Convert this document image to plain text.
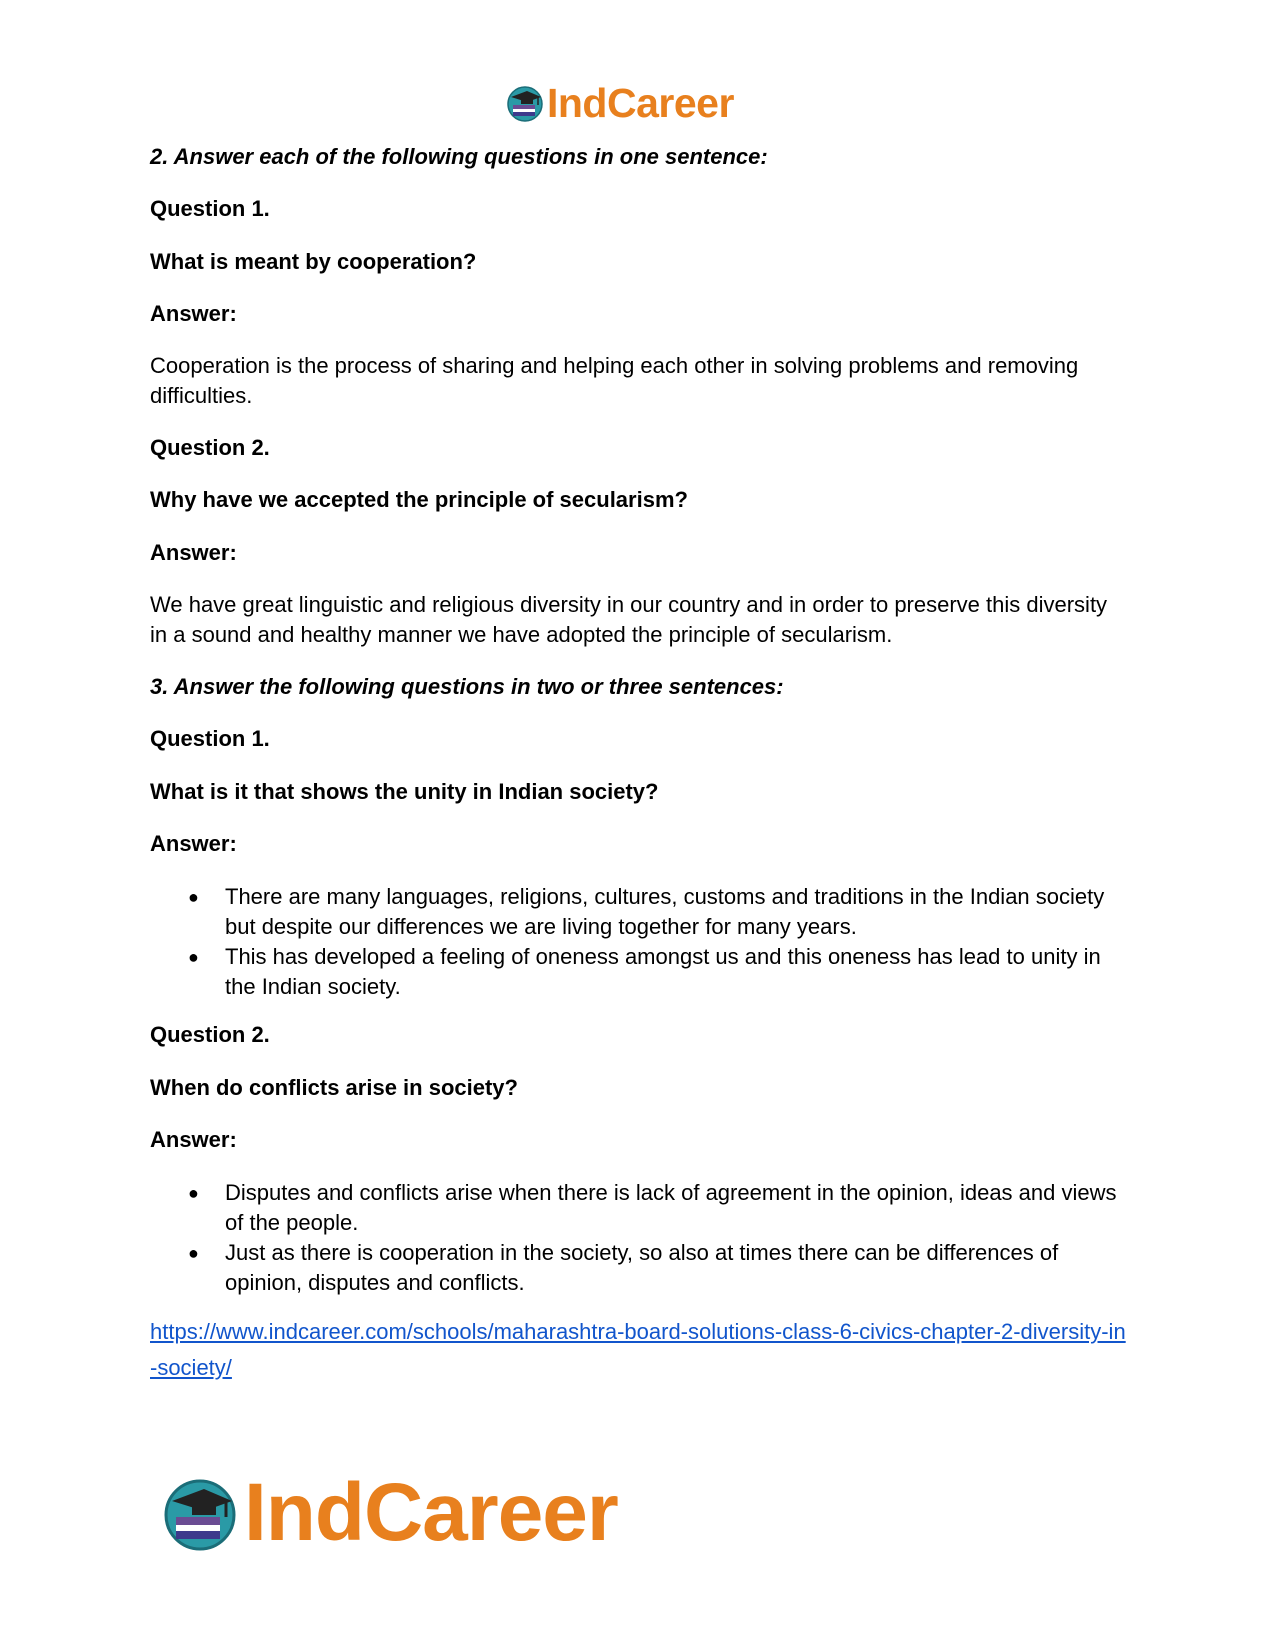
IndCareer
2. Answer each of the following questions in one sentence:
Question 1.
What is meant by cooperation?
Answer:
Cooperation is the process of sharing and helping each other in solving problems and removing difficulties.
Question 2.
Why have we accepted the principle of secularism?
Answer:
We have great linguistic and religious diversity in our country and in order to preserve this diversity in a sound and healthy manner we have adopted the principle of secularism.
3. Answer the following questions in two or three sentences:
Question 1.
What is it that shows the unity in Indian society?
Answer:
● There are many languages, religions, cultures, customs and traditions in the Indian society but despite our differences we are living together for many years.
● This has developed a feeling of oneness amongst us and this oneness has lead to unity in the Indian society.
Question 2.
When do conflicts arise in society?
Answer:
● Disputes and conflicts arise when there is lack of agreement in the opinion, ideas and views of the people.
● Just as there is cooperation in the society, so also at times there can be differences of opinion, disputes and conflicts.
https://www.indcareer.com/schools/maharashtra-board-solutions-class-6-civics-chapter-2-diversity-in-society/
IndCareer
